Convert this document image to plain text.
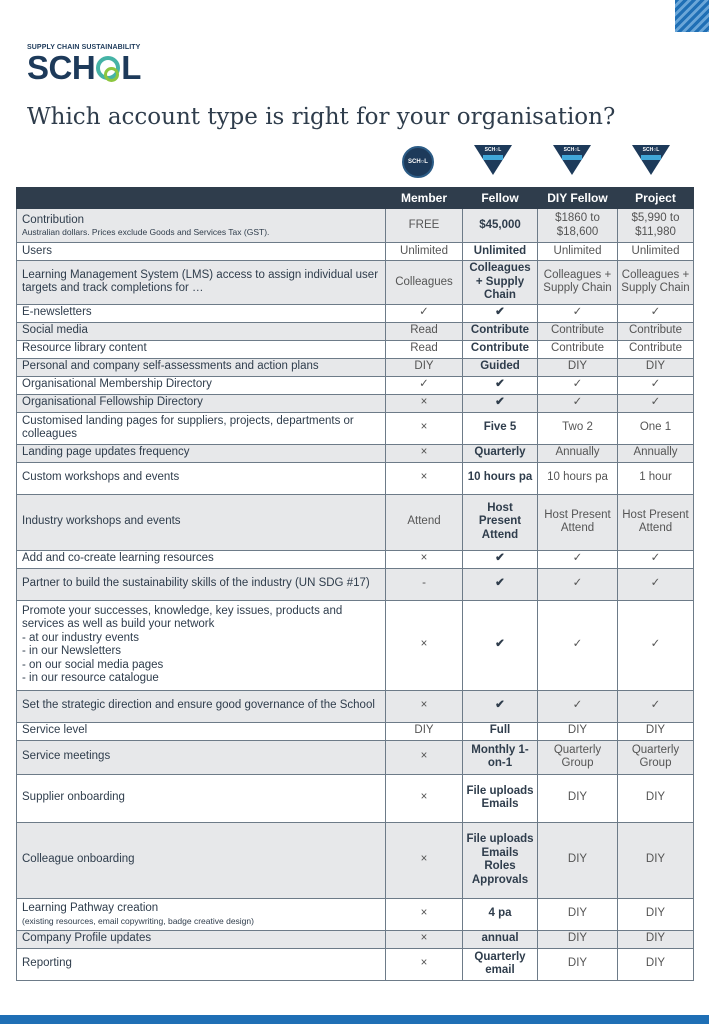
SUPPLY CHAIN SUSTAINABILITY
SCH L
Which account type is right for your organisation?
SCH○L
SCH○L	SCH○L	SCH○L
	Member	Fellow	DIY Fellow	Project
Contribution
Australian dollars. Prices exclude Goods and Services Tax (GST).	FREE	$45,000	$1860 to $18,600	$5,990 to $11,980
Users	Unlimited	Unlimited	Unlimited	Unlimited
Learning Management System (LMS) access to assign individual user targets and track completions for …	Colleagues	Colleagues + Supply Chain	Colleagues + Supply Chain	Colleagues + Supply Chain
E-newsletters	✓	✔	✓	✓
Social media	Read	Contribute	Contribute	Contribute
Resource library content	Read	Contribute	Contribute	Contribute
Personal and company self-assessments and action plans	DIY	Guided	DIY	DIY
Organisational Membership Directory	✓	✔	✓	✓
Organisational Fellowship Directory	×	✔	✓	✓
Customised landing pages for suppliers, projects, departments or colleagues	×	Five 5	Two 2	One 1
Landing page updates frequency	×	Quarterly	Annually	Annually
Custom workshops and events	×	10 hours pa	10 hours pa	1 hour
Industry workshops and events	Attend	Host Present Attend	Host Present Attend	Host Present Attend
Add and co-create learning resources	×	✔	✓	✓
Partner to build the sustainability skills of the industry (UN SDG #17)	-	✔	✓	✓
Promote your successes, knowledge, key issues, products and services as well as build your network
- at our industry events
- in our Newsletters
- on our social media pages
- in our resource catalogue	×	✔	✓	✓
Set the strategic direction and ensure good governance of the School	×	✔	✓	✓
Service level	DIY	Full	DIY	DIY
Service meetings	×	Monthly 1-on-1	Quarterly Group	Quarterly Group
Supplier onboarding	×	File uploads Emails	DIY	DIY
Colleague onboarding	×	File uploads Emails Roles Approvals	DIY	DIY
Learning Pathway creation
(existing resources, email copywriting, badge creative design)	×	4 pa	DIY	DIY
Company Profile updates	×	annual	DIY	DIY
Reporting	×	Quarterly email	DIY	DIY
